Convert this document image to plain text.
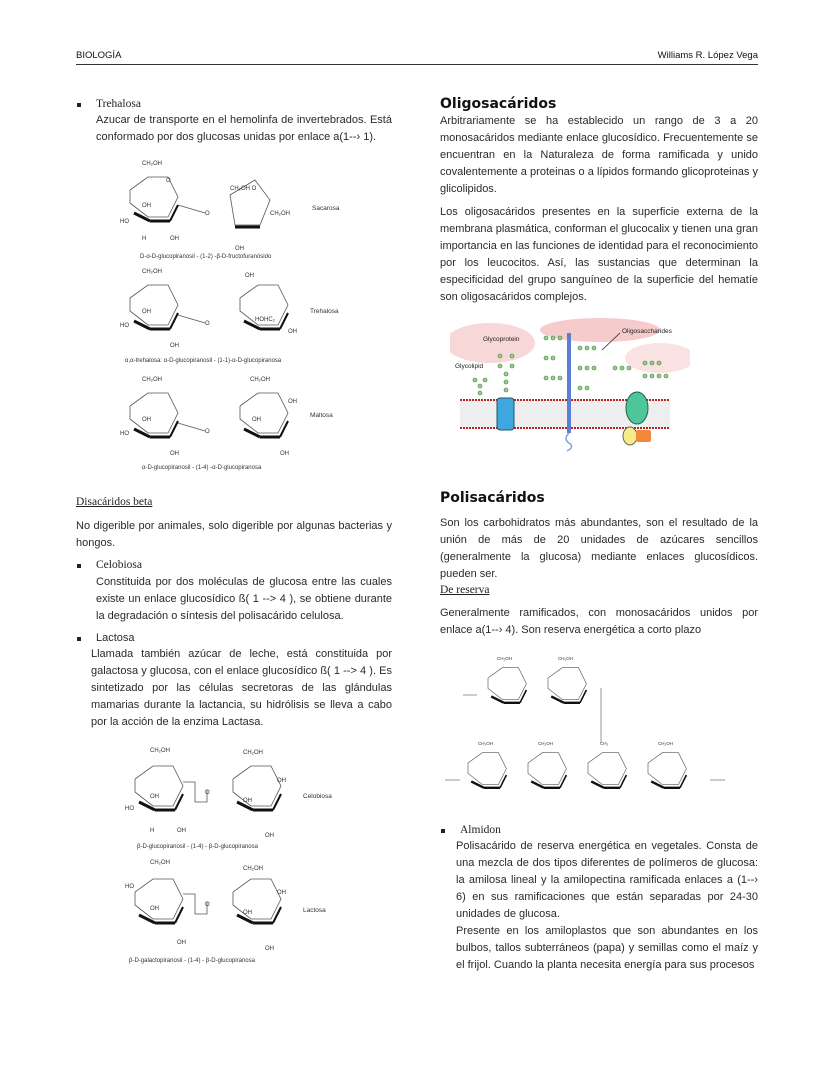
BIOLOGÍA	Williams R. López Vega
Trehalosa
Azucar de transporte en el hemolinfa de invertebrados. Está conformado por dos glucosas unidas por enlace a(1--› 1).
CH₂OH
O
HO
OH
H	OH
O
CH₂OH O
OH
CH₂OH
Sacarosa
D-α-D-glucopiranosil - (1-2) -β-D-fructofuranósido
CH₂OH
HO
OH
OH
O
OH
HOHC₂
OH
Trehalosa
α,α-trehalosa: α-D-glucopiranosil - (1-1)-α-D-glucopiranosa
CH₂OH
HO
OH
OH
O
CH₂OH
OH
OH
OH
Maltosa
α-D-glucopiranosil - (1-4) -α-D-glucopiranosa
Disacáridos beta
No digerible por animales, solo digerible por algunas bacterias y hongos.
Celobiosa
Constituida por dos moléculas de glucosa entre las cuales existe un enlace glucosídico ß( 1 --> 4 ), se obtiene durante la degradación o síntesis del polisacárido celulosa.
Lactosa
Llamada también azúcar de leche, está constituida por galactosa y glucosa, con el enlace glucosídico ß( 1 --> 4 ). Es sintetizado por las células secretoras de las glándulas mamarias durante la lactancia, su hidrólisis se lleva a cabo por la acción de la enzima Lactasa.
CH₂OH
HO
OH
H	OH
O
CH₂OH
OH
OH
OH
Celobiosa
β-D-glucopiranosil - (1-4) - β-D-glucopiranosa
CH₂OH
HO
OH
OH
O
CH₂OH
OH
OH
OH
Lactosa
β-D-galactopiranosil - (1-4) - β-D-glucopiranosa
Oligosacáridos
Arbitrariamente se ha establecido un rango de 3 a 20 monosacáridos mediante enlace glucosídico. Frecuentemente se encuentran en la Naturaleza de forma ramificada y unido covalentemente a proteinas o a lípidos formando glicoproteinas y glicolipidos.
Los oligosacáridos presentes en la superficie externa de la membrana plasmática, conforman el glucocalix y tienen una gran importancia en las funciones de identidad para el reconocimiento por los leucocitos. Así, las sustancias que determinan la especificidad del grupo sanguíneo de la superficie del hematíe son oligosacáridos complejos.
Glycolipid
Glycoprotein
Oligosaccharides
Polisacáridos
Son los carbohidratos más abundantes, son el resultado de la unión de más de 20 unidades de azúcares sencillos (generalmente la glucosa) mediante enlaces glucosídicos. pueden ser.
De reserva
Generalmente ramificados, con monosacáridos unidos por enlace a(1--› 4). Son reserva energética a corto plazo
CH₂OH	CH₂OH
CH₂OH	CH₂OH	CH₂	CH₂OH
Almidon
Polisacárido de reserva energética en vegetales. Consta de una mezcla de dos tipos diferentes de polímeros de glucosa: la amilosa lineal y la amilopectina ramificada enlaces a (1--› 6) en sus ramificaciones que están separadas por 24-30 unidades de glucosa.
Presente en los amiloplastos que son abundantes en los bulbos, tallos subterráneos (papa) y semillas como el maíz y el frijol. Cuando la planta necesita energía para sus procesos
